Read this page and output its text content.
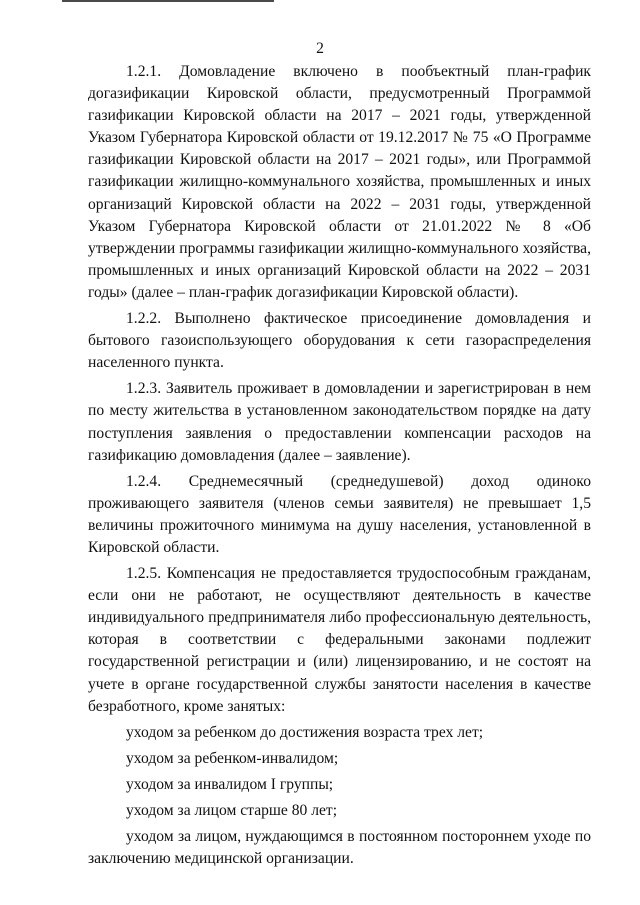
2

1.2.1. Домовладение включено в пообъектный план-график догазификации Кировской области, предусмотренный Программой газификации Кировской области на 2017 – 2021 годы, утвержденной Указом Губернатора Кировской области от 19.12.2017 № 75 «О Программе газификации Кировской области на 2017 – 2021 годы», или Программой газификации жилищно-коммунального хозяйства, промышленных и иных организаций Кировской области на 2022 – 2031 годы, утвержденной Указом Губернатора Кировской области от 21.01.2022 № 8 «Об утверждении программы газификации жилищно-коммунального хозяйства, промышленных и иных организаций Кировской области на 2022 – 2031 годы» (далее – план-график догазификации Кировской области).

1.2.2. Выполнено фактическое присоединение домовладения и бытового газоиспользующего оборудования к сети газораспределения населенного пункта.

1.2.3. Заявитель проживает в домовладении и зарегистрирован в нем по месту жительства в установленном законодательством порядке на дату поступления заявления о предоставлении компенсации расходов на газификацию домовладения (далее – заявление).

1.2.4. Среднемесячный (среднедушевой) доход одиноко проживающего заявителя (членов семьи заявителя) не превышает 1,5 величины прожиточного минимума на душу населения, установленной в Кировской области.

1.2.5. Компенсация не предоставляется трудоспособным гражданам, если они не работают, не осуществляют деятельность в качестве индивидуального предпринимателя либо профессиональную деятельность, которая в соответствии с федеральными законами подлежит государственной регистрации и (или) лицензированию, и не состоят на учете в органе государственной службы занятости населения в качестве безработного, кроме занятых:

уходом за ребенком до достижения возраста трех лет;

уходом за ребенком-инвалидом;

уходом за инвалидом I группы;

уходом за лицом старше 80 лет;

уходом за лицом, нуждающимся в постоянном постороннем уходе по заключению медицинской организации.
